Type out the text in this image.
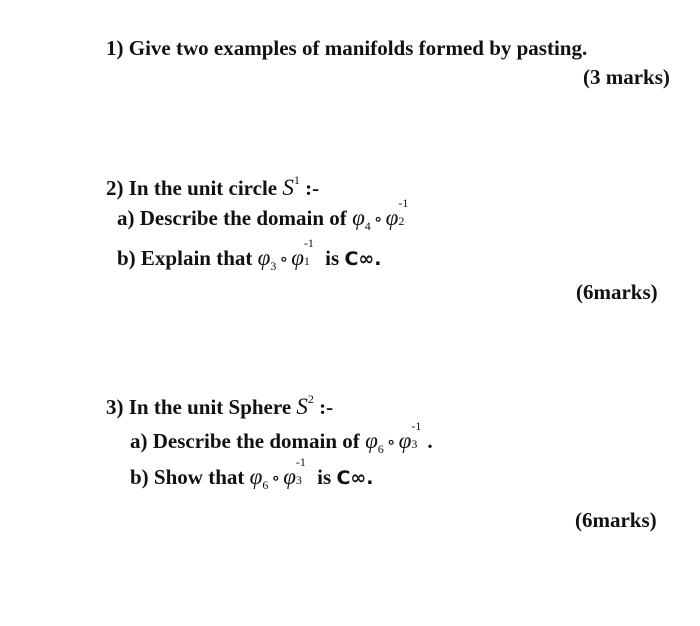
1) Give two examples of manifolds formed by pasting.
(3 marks)
2) In the unit circle $S^1$ :-
a) Describe the domain of $\varphi_4$ ∘ φ
-1
2
b) Explain that $\varphi_3$ ∘ φ
-1
1 is C∞.
(6marks)
3) In the unit Sphere $S^2$ :-
a) Describe the domain of $\varphi_6$ ∘ φ
-1
3 .
b) Show that $\varphi_6$ ∘ φ
-1
3 is C∞.
(6marks)
